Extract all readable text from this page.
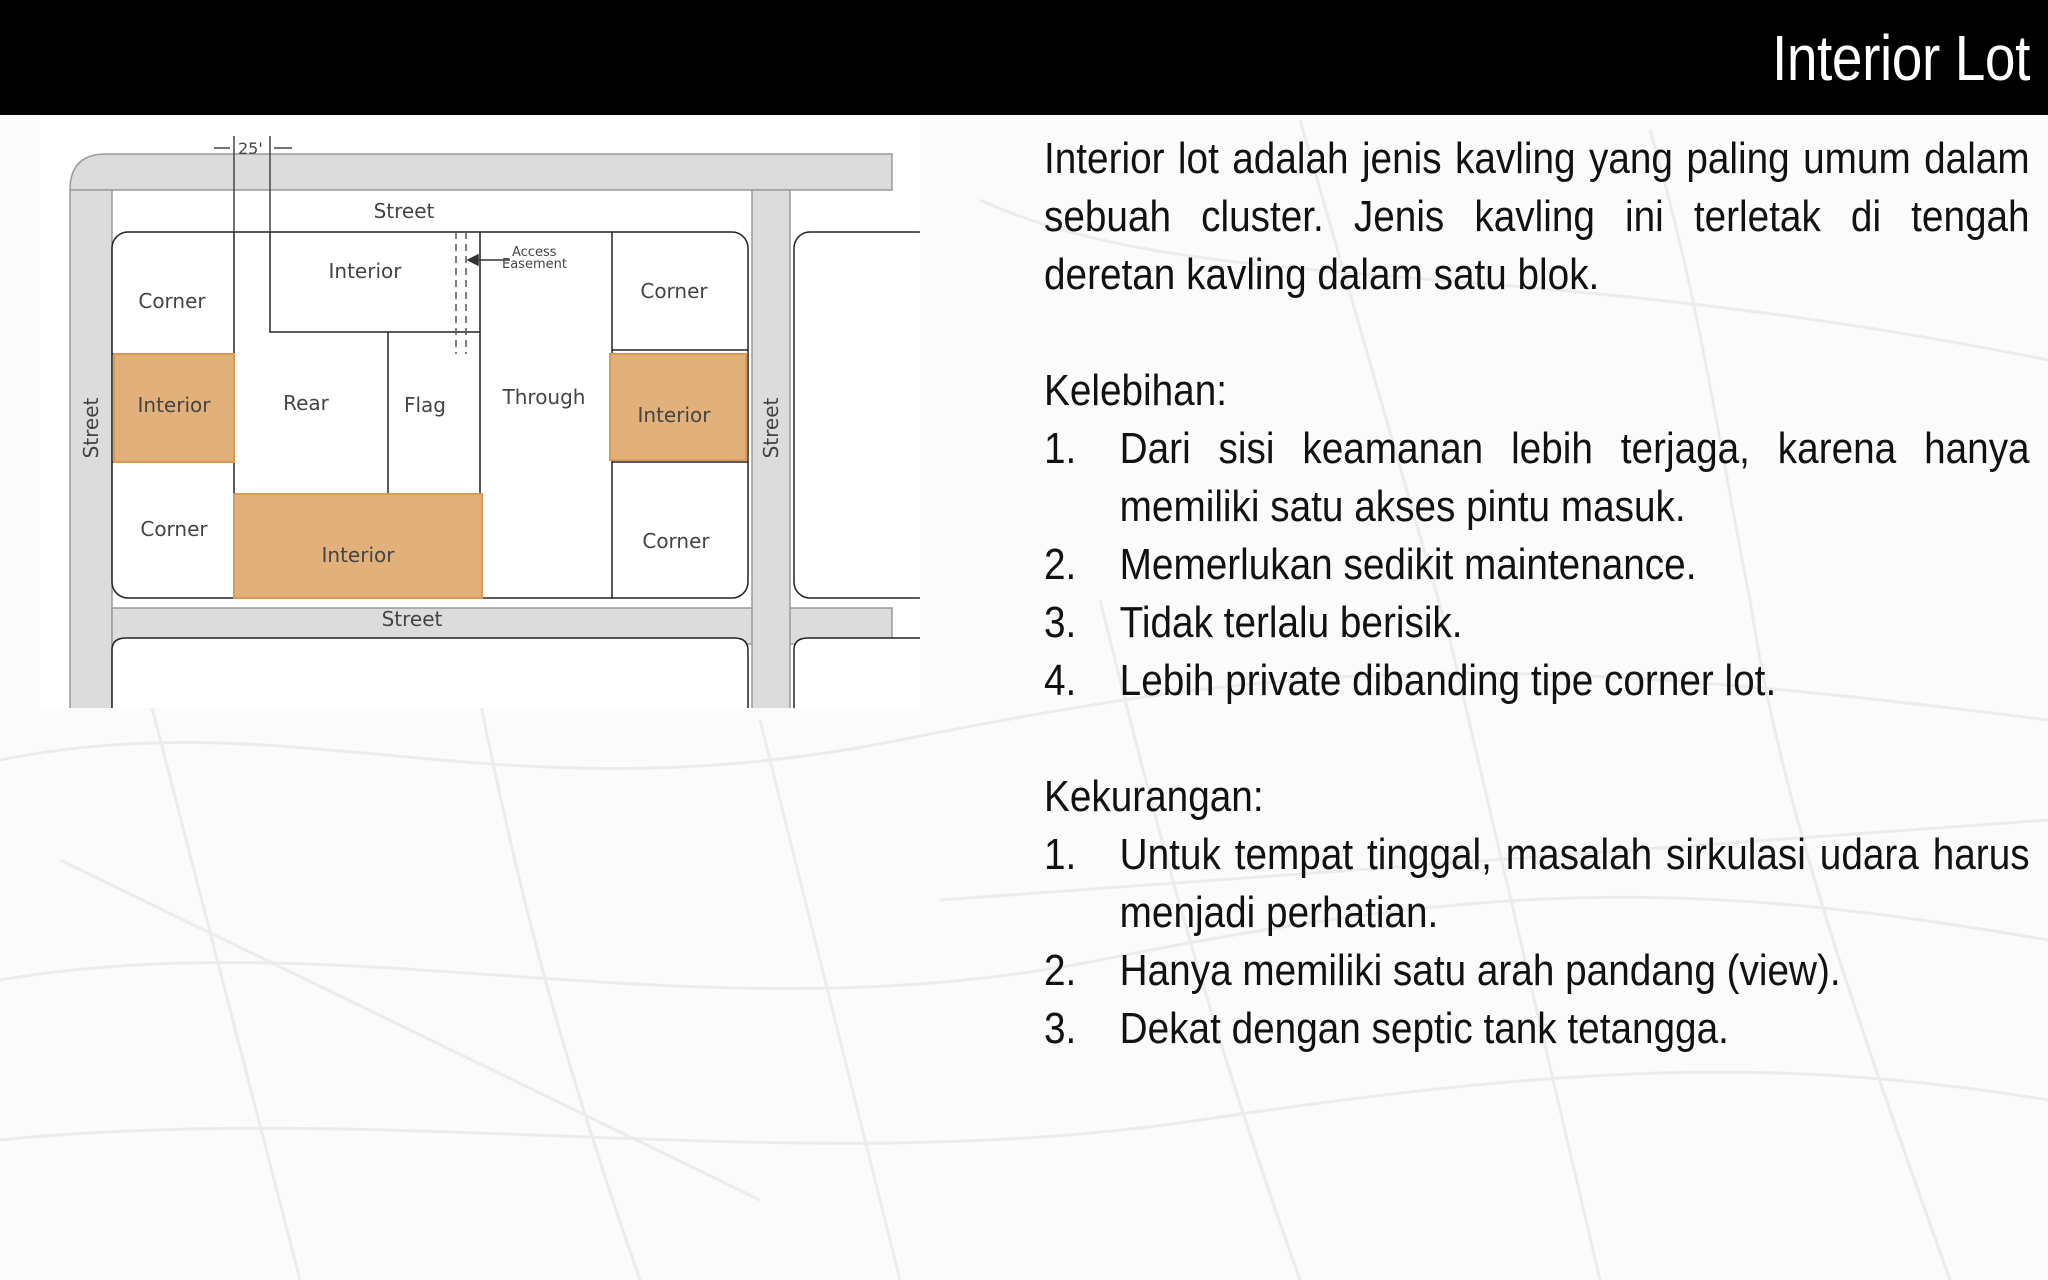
Interior Lot
25'
Access
Easement
Street
Street
Street	Street
Corner
Interior
Corner
Interior	Rear	Flag	Through
Interior
Corner
Interior
Corner

Interior lot adalah jenis kavling yang paling umum dalam sebuah cluster. Jenis kavling ini terletak di tengah deretan kavling dalam satu blok.

Kelebihan:

1. Dari sisi keamanan lebih terjaga, karena hanya memiliki satu akses pintu masuk.
2. Memerlukan sedikit maintenance.
3. Tidak terlalu berisik.
4. Lebih private dibanding tipe corner lot.

Kekurangan:

1. Untuk tempat tinggal, masalah sirkulasi udara harus menjadi perhatian.
2. Hanya memiliki satu arah pandang (view).
3. Dekat dengan septic tank tetangga.
